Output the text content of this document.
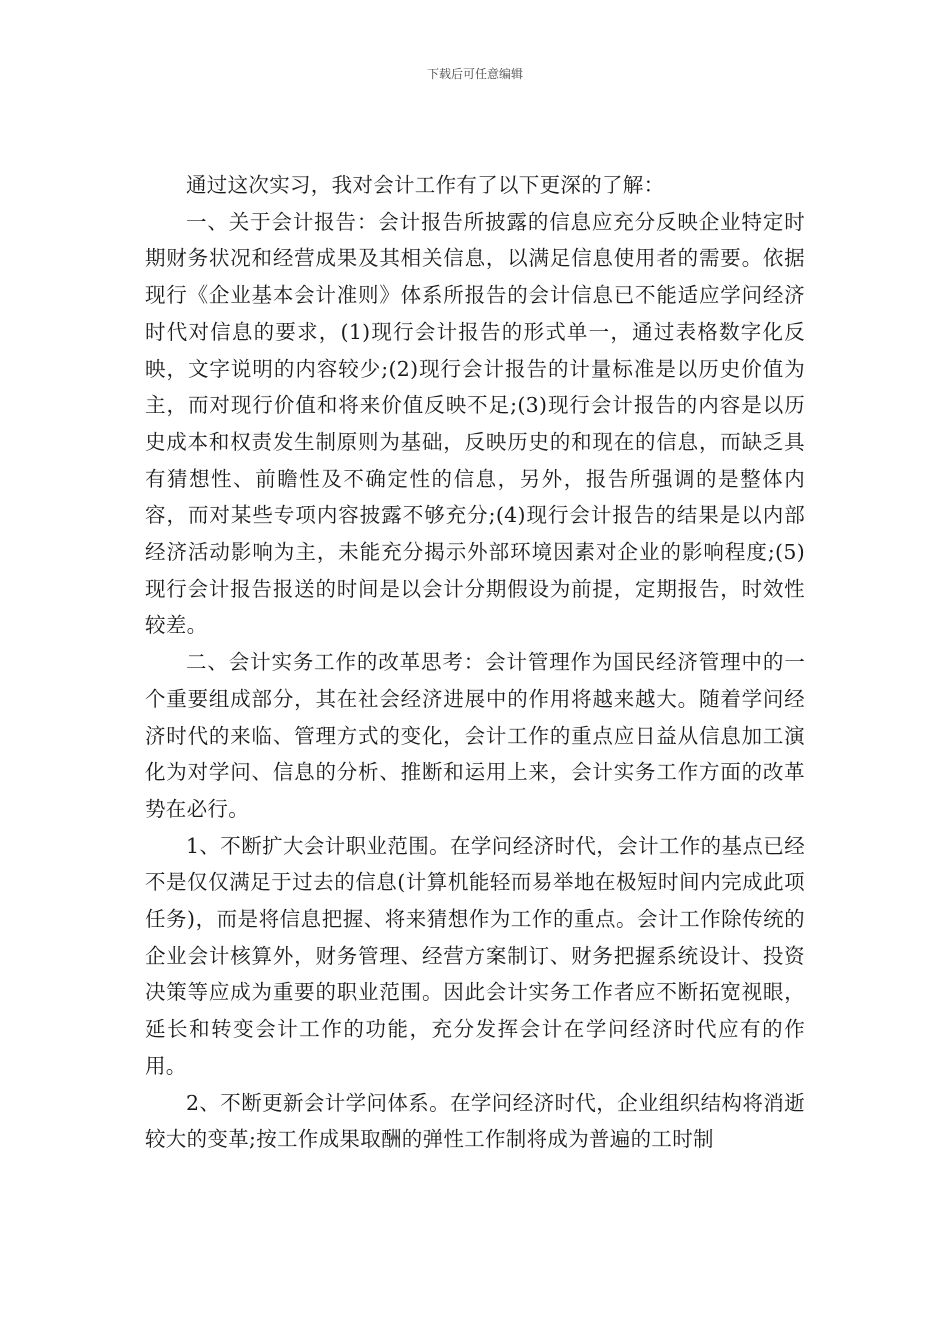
下载后可任意编辑

通过这次实习，我对会计工作有了以下更深的了解：

一、关于会计报告：会计报告所披露的信息应充分反映企业特定时期财务状况和经营成果及其相关信息，以满足信息使用者的需要。依据现行《企业基本会计准则》体系所报告的会计信息已不能适应学问经济时代对信息的要求，(1)现行会计报告的形式单一，通过表格数字化反映，文字说明的内容较少;(2)现行会计报告的计量标准是以历史价值为主，而对现行价值和将来价值反映不足;(3)现行会计报告的内容是以历史成本和权责发生制原则为基础，反映历史的和现在的信息，而缺乏具有猜想性、前瞻性及不确定性的信息，另外，报告所强调的是整体内容，而对某些专项内容披露不够充分;(4)现行会计报告的结果是以内部经济活动影响为主，未能充分揭示外部环境因素对企业的影响程度;(5)现行会计报告报送的时间是以会计分期假设为前提，定期报告，时效性较差。

二、会计实务工作的改革思考：会计管理作为国民经济管理中的一个重要组成部分，其在社会经济进展中的作用将越来越大。随着学问经济时代的来临、管理方式的变化，会计工作的重点应日益从信息加工演化为对学问、信息的分析、推断和运用上来，会计实务工作方面的改革势在必行。

1、不断扩大会计职业范围。在学问经济时代，会计工作的基点已经不是仅仅满足于过去的信息(计算机能轻而易举地在极短时间内完成此项任务)，而是将信息把握、将来猜想作为工作的重点。会计工作除传统的企业会计核算外，财务管理、经营方案制订、财务把握系统设计、投资决策等应成为重要的职业范围。因此会计实务工作者应不断拓宽视眼，延长和转变会计工作的功能，充分发挥会计在学问经济时代应有的作用。

2、不断更新会计学问体系。在学问经济时代，企业组织结构将消逝较大的变革;按工作成果取酬的弹性工作制将成为普遍的工时制
